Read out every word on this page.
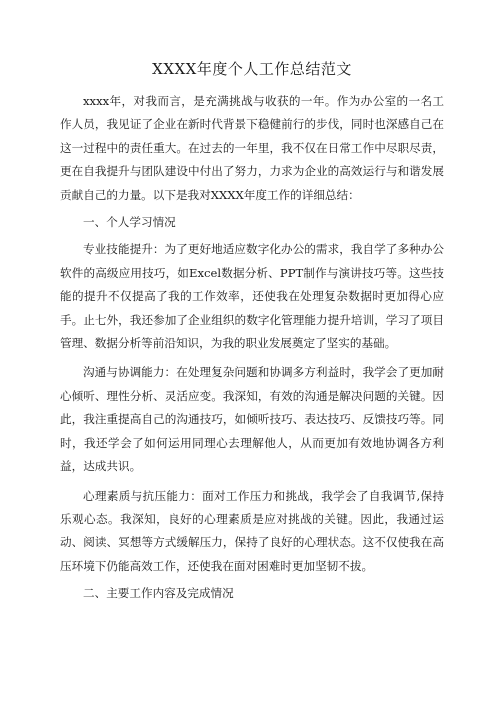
XXXX年度个人工作总结范文

xxxx年，对我而言，是充满挑战与收获的一年。作为办公室的一名工作人员，我见证了企业在新时代背景下稳健前行的步伐，同时也深感自己在这一过程中的责任重大。在过去的一年里，我不仅在日常工作中尽职尽责，更在自我提升与团队建设中付出了努力，力求为企业的高效运行与和谐发展贡献自己的力量。以下是我对XXXX年度工作的详细总结：

一、个人学习情况

专业技能提升：为了更好地适应数字化办公的需求，我自学了多种办公软件的高级应用技巧，如Excel数据分析、PPT制作与演讲技巧等。这些技能的提升不仅提高了我的工作效率，还使我在处理复杂数据时更加得心应手。止七外，我还参加了企业组织的数字化管理能力提升培训，学习了项目管理、数据分析等前沿知识，为我的职业发展奠定了坚实的基础。

沟通与协调能力：在处理复杂问题和协调多方利益时，我学会了更加耐心倾听、理性分析、灵活应变。我深知，有效的沟通是解决问题的关键。因此，我注重提高自己的沟通技巧，如倾听技巧、表达技巧、反馈技巧等。同时，我还学会了如何运用同理心去理解他人，从而更加有效地协调各方利益，达成共识。

心理素质与抗压能力：面对工作压力和挑战，我学会了自我调节,保持乐观心态。我深知，良好的心理素质是应对挑战的关键。因此，我通过运动、阅读、冥想等方式缓解压力，保持了良好的心理状态。这不仅使我在高压环境下仍能高效工作，还使我在面对困难时更加坚韧不拔。

二、主要工作内容及完成情况
